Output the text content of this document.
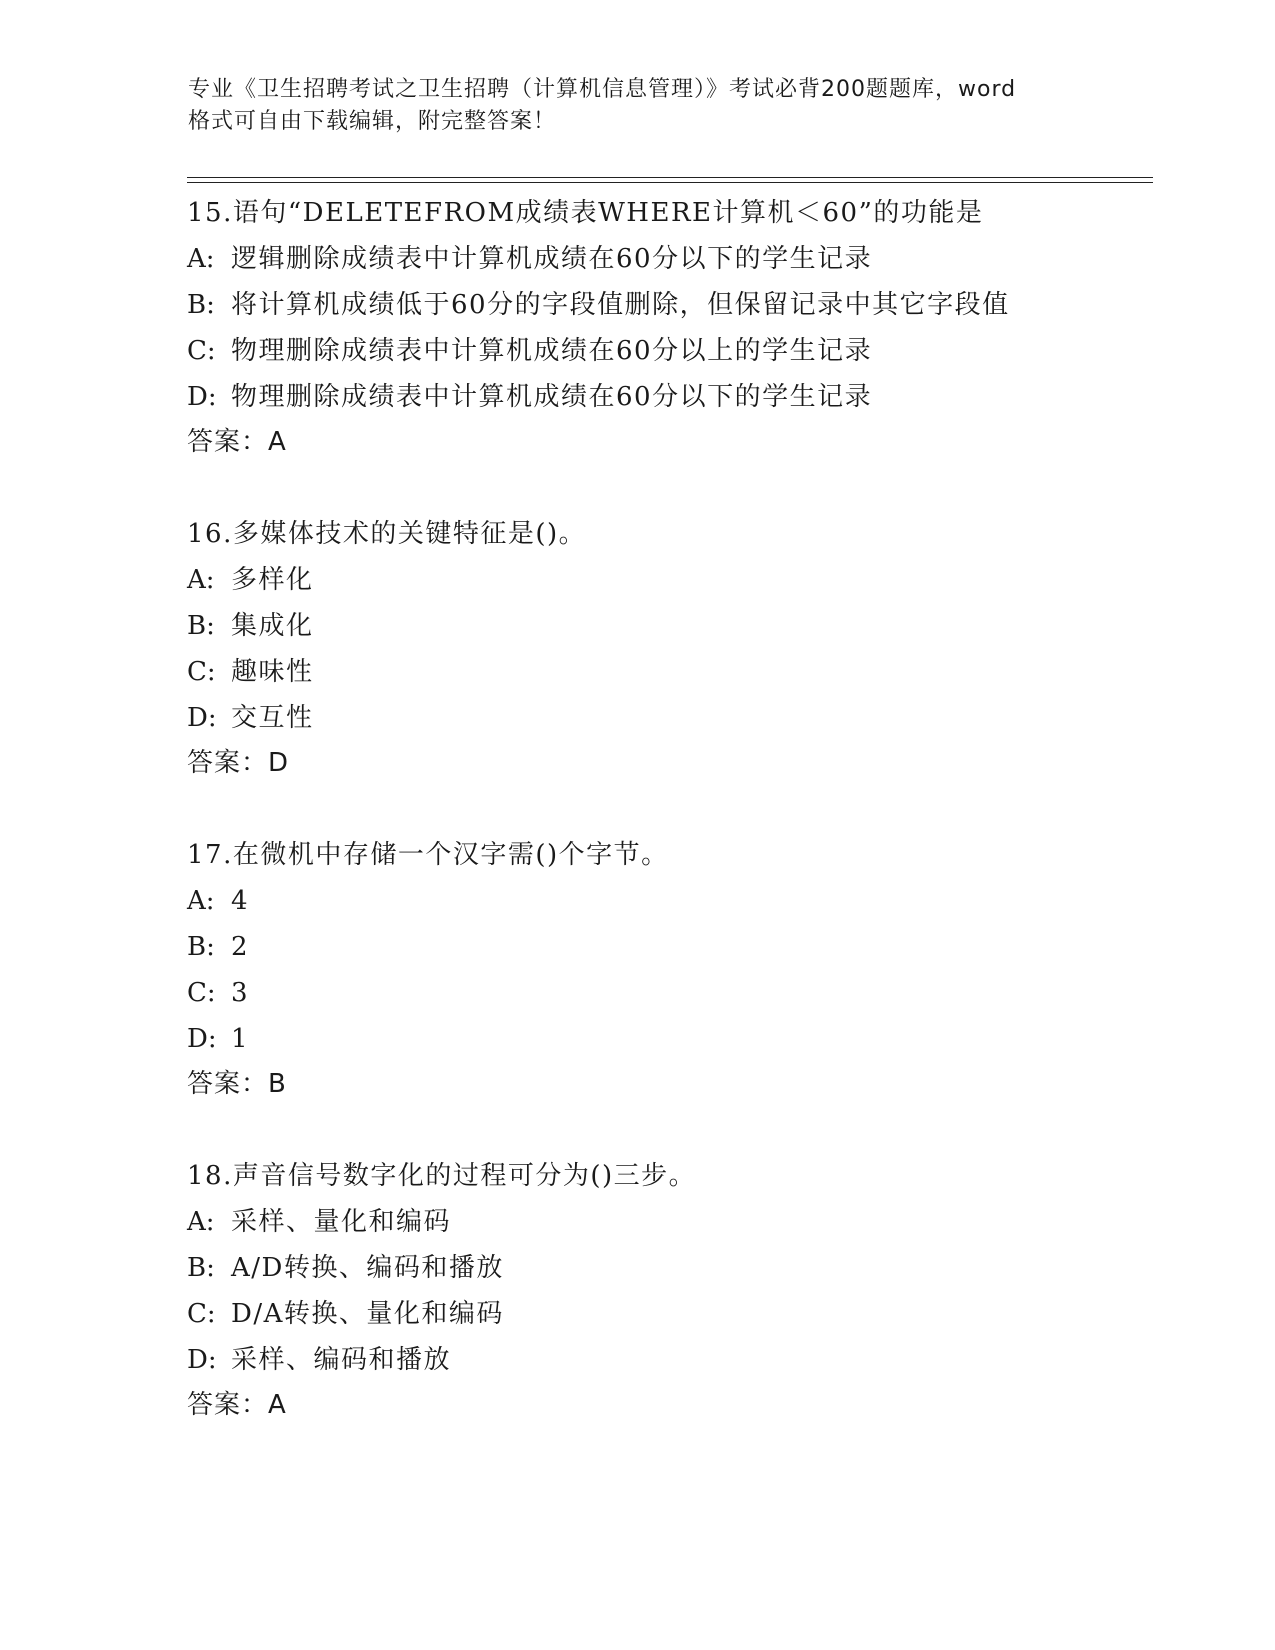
专业《卫生招聘考试之卫生招聘（计算机信息管理）》考试必背200题题库，word
格式可自由下载编辑，附完整答案！
15.语句“DELETEFROM成绩表WHERE计算机＜60”的功能是
A: 逻辑删除成绩表中计算机成绩在60分以下的学生记录
B: 将计算机成绩低于60分的字段值删除，但保留记录中其它字段值
C: 物理删除成绩表中计算机成绩在60分以上的学生记录
D: 物理删除成绩表中计算机成绩在60分以下的学生记录
答案：A
16.多媒体技术的关键特征是()。
A: 多样化
B: 集成化
C: 趣味性
D: 交互性
答案：D
17.在微机中存储一个汉字需()个字节。
A: 4
B: 2
C: 3
D: 1
答案：B
18.声音信号数字化的过程可分为()三步。
A: 采样、量化和编码
B: A/D转换、编码和播放
C: D/A转换、量化和编码
D: 采样、编码和播放
答案：A
